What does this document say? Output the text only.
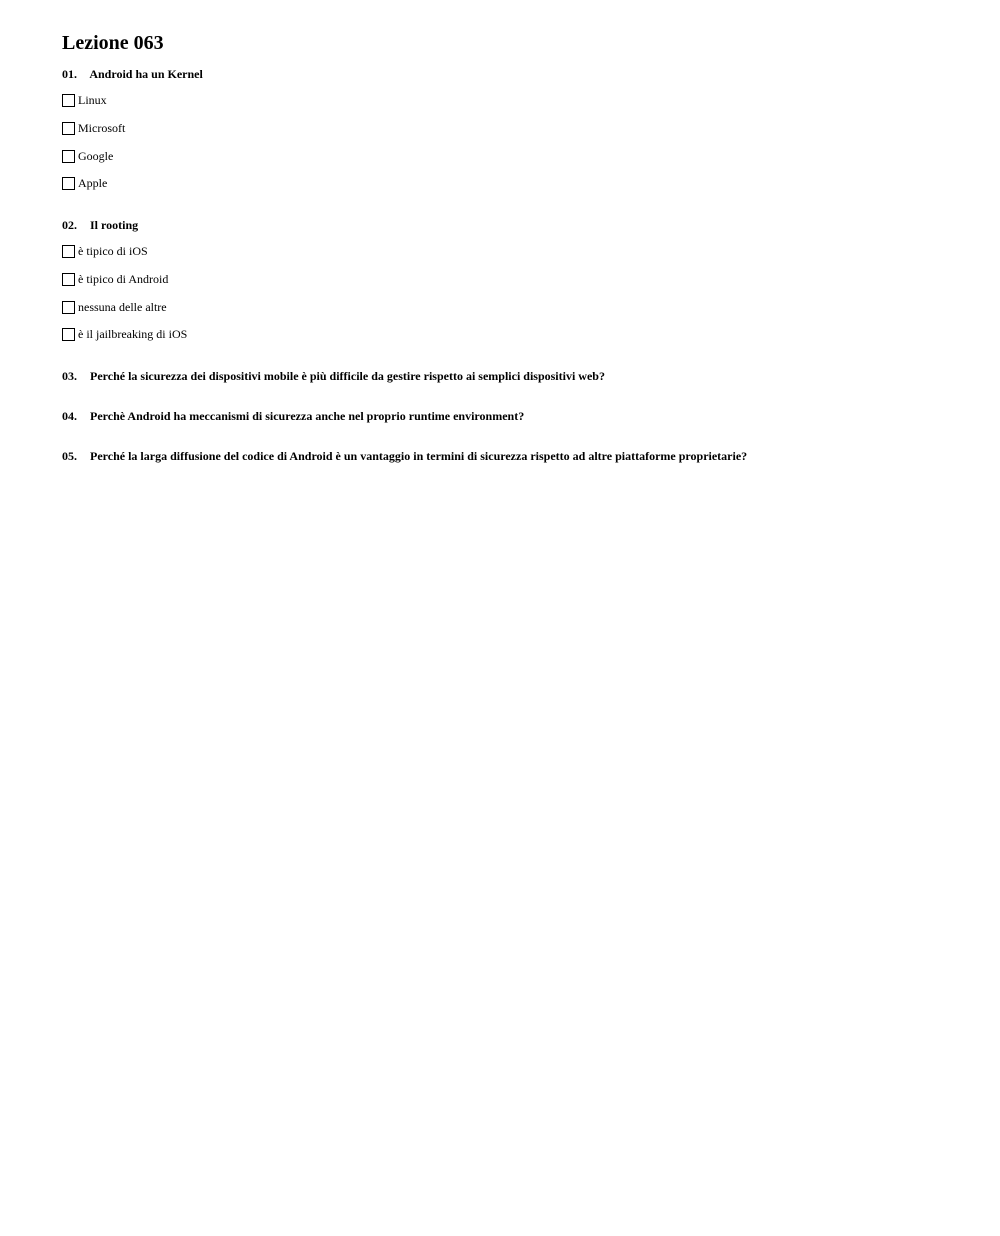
Lezione 063
01. Android ha un Kernel
Linux
Microsoft
Google
Apple
02. Il rooting
è tipico di iOS
è tipico di Android
nessuna delle altre
è il jailbreaking di iOS
03. Perché la sicurezza dei dispositivi mobile è più difficile da gestire rispetto ai semplici dispositivi web?
04. Perchè Android ha meccanismi di sicurezza anche nel proprio runtime environment?
05. Perché la larga diffusione del codice di Android è un vantaggio in termini di sicurezza rispetto ad altre piattaforme proprietarie?
